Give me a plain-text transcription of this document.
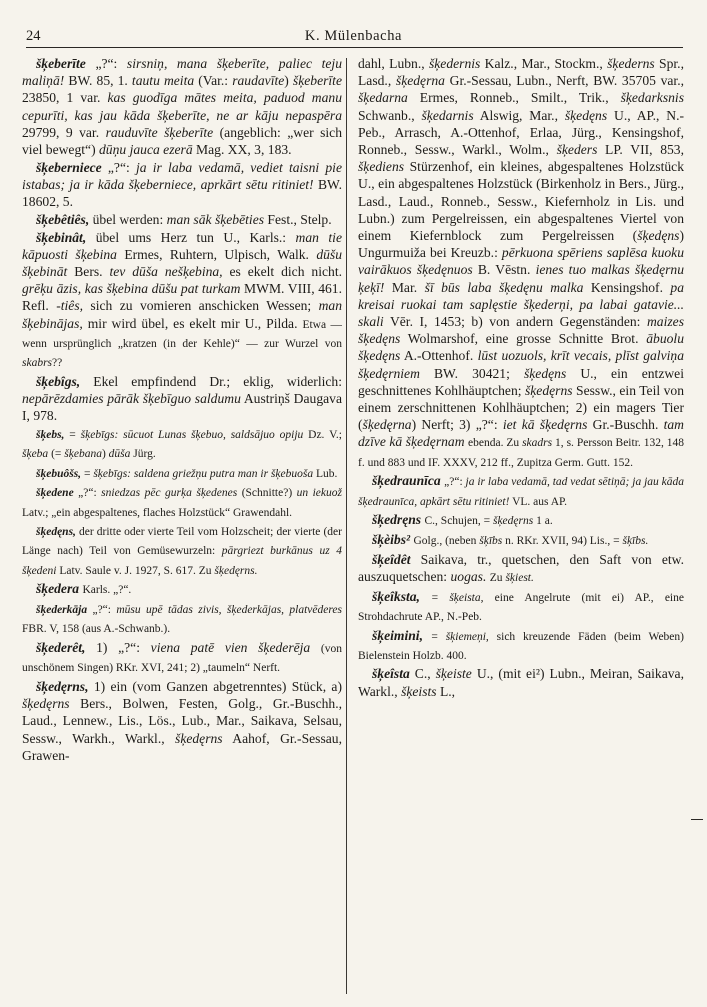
24	K. Mülenbacha

šķeberīte „?“: sirsniņ, mana šķeberīte, paliec teju maliņā! BW. 85, 1. tautu meita (Var.: raudavīte) šķeberīte 23850, 1 var. kas guodīga mātes meita, paduod manu cepurīti, kas jau kāda šķeberīte, ne ar kāju nepaspēra 29799, 9 var. rauduvīte šķeberīte (angeblich: „wer sich viel bewegt“) dūņu jauca ezerā Mag. XX, 3, 183.

šķeberniece „?“: ja ir laba vedamā, vediet taisni pie istabas; ja ir kāda šķeberniece, aprkārt sētu ritiniet! BW. 18602, 5.

šķebêtiês, übel werden: man sāk šķebēties Fest., Stelp.

šķebinât, übel ums Herz tun U., Karls.: man tie kāpuosti šķebina Ermes, Ruhtern, Ulpisch, Walk. dūšu šķebināt Bers. tev dūša nešķebina, es ekelt dich nicht. grēķu āzis, kas šķebina dūšu pat turkam MWM. VIII, 461. Refl. -tiês, sich zu vomieren anschicken Wessen; man šķebinājas, mir wird übel, es ekelt mir U., Pilda. Etwa — wenn ursprünglich „kratzen (in der Kehle)“ — zur Wurzel von skabrs??

šķebîgs, Ekel empfindend Dr.; eklig, widerlich: nepārēzdamies pārāk šķebīguo saldumu Austriņš Daugava I, 978.

šķebs, = šķebīgs: sūcuot Lunas šķebuo, saldsājuo opiju Dz. V.; šķeba (= šķebana) dūša Jürg.

šķebuôšs, = šķebīgs: saldena griežņu putra man ir šķebuoša Lub.

šķedene „?“: sniedzas pēc gurķa šķedenes (Schnitte?) un iekuož Latv.; „ein abgespaltenes, flaches Holzstück“ Grawendahl.

šķedęns, der dritte oder vierte Teil vom Holzscheit; der vierte (der Länge nach) Teil von Gemüsewurzeln: pārgriezt burkānus uz 4 šķedeni Latv. Saule v. J. 1927, S. 617. Zu šķedęrns.

šķedera Karls. „?“.

šķederkāja „?“: mūsu upē tādas zivis, šķederkājas, platvēderes FBR. V, 158 (aus A.-Schwanb.).

šķederêt, 1) „?“: viena patē vien šķederēja (von unschönem Singen) RKr. XVI, 241; 2) „taumeln“ Nerft.

šķedęrns, 1) ein (vom Ganzen abgetrenntes) Stück, a) šķedęrns Bers., Bolwen, Festen, Golg., Gr.-Buschh., Laud., Lennew., Lis., Lös., Lub., Mar., Saikava, Selsau, Sessw., Warkh., Warkl., šķedęrns Aahof, Gr.-Sessau, Grawen-

dahl, Lubn., šķedernis Kalz., Mar., Stockm., šķederns Spr., Lasd., šķedęrna Gr.-Sessau, Lubn., Nerft, BW. 35705 var., šķedarna Ermes, Ronneb., Smilt., Trik., šķedarksnis Schwanb., šķedarnis Alswig, Mar., šķedęns U., AP., N.-Peb., Arrasch, A.-Ottenhof, Erlaa, Jürg., Kensingshof, Ronneb., Sessw., Warkl., Wolm., šķeders LP. VII, 853, šķediens Stürzenhof, ein kleines, abgespaltenes Holzstück U., ein abgespaltenes Holzstück (Birkenholz in Bers., Jürg., Lasd., Laud., Ronneb., Sessw., Kiefernholz in Lis. und Lubn.) zum Pergelreissen, ein abgespaltenes Viertel von einem Kiefernblock zum Pergelreissen (šķedęns) Ungurmuiža bei Kreuzb.: pērkuona spēriens saplēsa kuoku vairākuos šķedęnuos B. Vēstn. ienes tuo malkas šķedęrnu ķeķī! Mar. šī būs laba šķedęnu malka Kensingshof. pa kreisai ruokai tam saplęstie šķederņi, pa labai gatavie... skali Vēr. I, 1453; b) von andern Gegenständen: maizes šķedęns Wolmarshof, eine grosse Schnitte Brot. ābuolu šķedęns A.-Ottenhof. lūst uozuols, krīt vecais, plīst galviņa šķedęrniem BW. 30421; šķedęns U., ein entzwei geschnittenes Kohlhäuptchen; šķedęrns Sessw., ein Teil von einem zerschnittenen Kohlhäuptchen; 2) ein magers Tier (šķedęrna) Nerft; 3) „?“: iet kā šķedęrns Gr.-Buschh. tam dzīve kā šķedęrnam ebenda. Zu skadrs 1, s. Persson Beitr. 132, 148 f. und 883 und IF. XXXV, 212 ff., Zupitza Germ. Gutt. 152.

šķedraunīca „?“: ja ir laba vedamā, tad vedat sētiņā; ja jau kāda šķedraunīca, apkārt sētu ritiniet! VL. aus AP.

šķedręns C., Schujen, = šķedęrns 1 a.

šķèibs² Golg., (neben šķībs n. RKr. XVII, 94) Lis., = šķībs.

šķeîdêt Saikava, tr., quetschen, den Saft von etw. auszuquetschen: uogas. Zu šķiest.

šķeîksta, = šķeista, eine Angelrute (mit ei) AP., eine Strohdachrute AP., N.-Peb.

šķeimini, = šķiemeņi, sich kreuzende Fäden (beim Weben) Bielenstein Holzb. 400.

šķeîsta C., šķeiste U., (mit ei²) Lubn., Meiran, Saikava, Warkl., šķeists L.,
